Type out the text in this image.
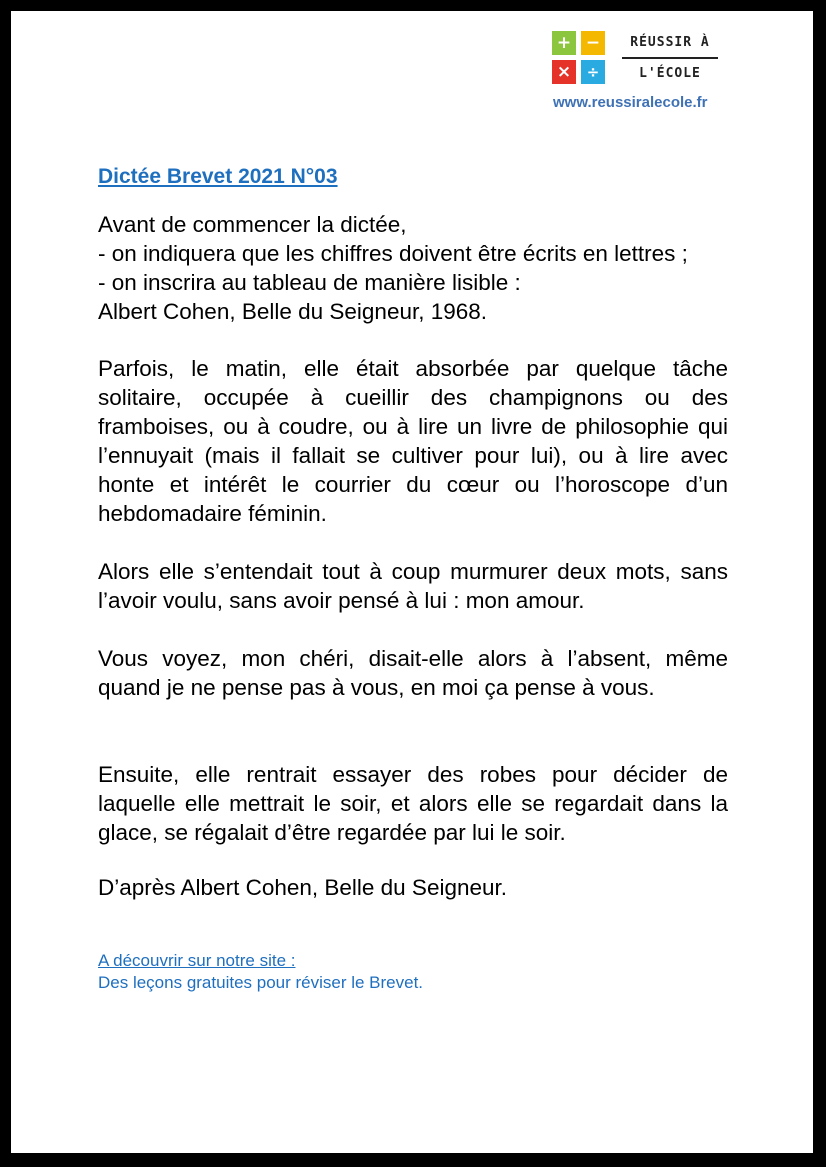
+ −
×	÷
RÉUSSIR À
L'ÉCOLE
www.reussiralecole.fr
Dictée Brevet 2021 N°03
Avant de commencer la dictée,
- on indiquera que les chiffres doivent être écrits en lettres ;
- on inscrira au tableau de manière lisible :
Albert Cohen, Belle du Seigneur, 1968.
Parfois, le matin, elle était absorbée par quelque tâche solitaire, occupée à cueillir des champignons ou des framboises, ou à coudre, ou à lire un livre de philosophie qui l’ennuyait (mais il fallait se cultiver pour lui), ou à lire avec honte et intérêt le courrier du cœur ou l’horoscope d’un hebdomadaire féminin.
Alors elle s’entendait tout à coup murmurer deux mots, sans l’avoir voulu, sans avoir pensé à lui : mon amour.
Vous voyez, mon chéri, disait-elle alors à l’absent, même quand je ne pense pas à vous, en moi ça pense à vous.
Ensuite, elle rentrait essayer des robes pour décider de laquelle elle mettrait le soir, et alors elle se regardait dans la glace, se régalait d’être regardée par lui le soir.
D’après Albert Cohen, Belle du Seigneur.
A découvrir sur notre site :
Des leçons gratuites pour réviser le Brevet.
